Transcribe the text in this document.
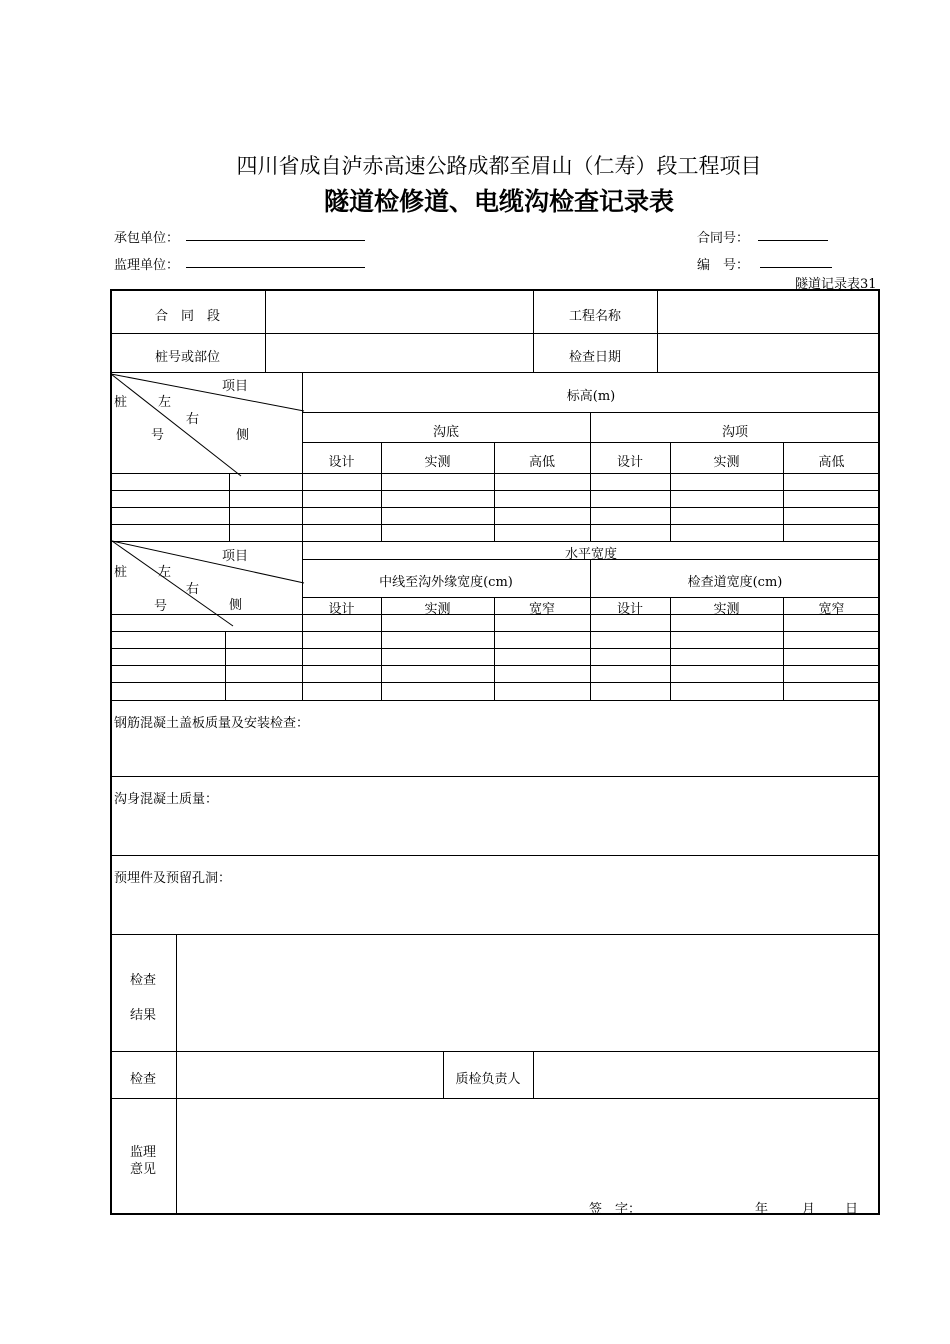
四川省成自泸赤高速公路成都至眉山（仁寿）段工程项目
隧道检修道、电缆沟检查记录表
承包单位：
监理单位：
合同号：
编　号：
隧道记录表31
合　同　段	工程名称
桩号或部位	检查日期
标高(m)
沟底	沟项
设计	实测	高低	设计	实测	高低
项目
桩 左
右
号	侧
水平宽度
中线至沟外缘宽度(cm)	检查道宽度(cm)
设计	实测	宽窄	设计	实测	宽窄
项目
桩 左
右
号	侧
钢筋混凝土盖板质量及安装检查：
沟身混凝土质量：
预埋件及预留孔洞：
检查
结果
检查	质检负责人
监理
意见
签　字：	年	月 日
